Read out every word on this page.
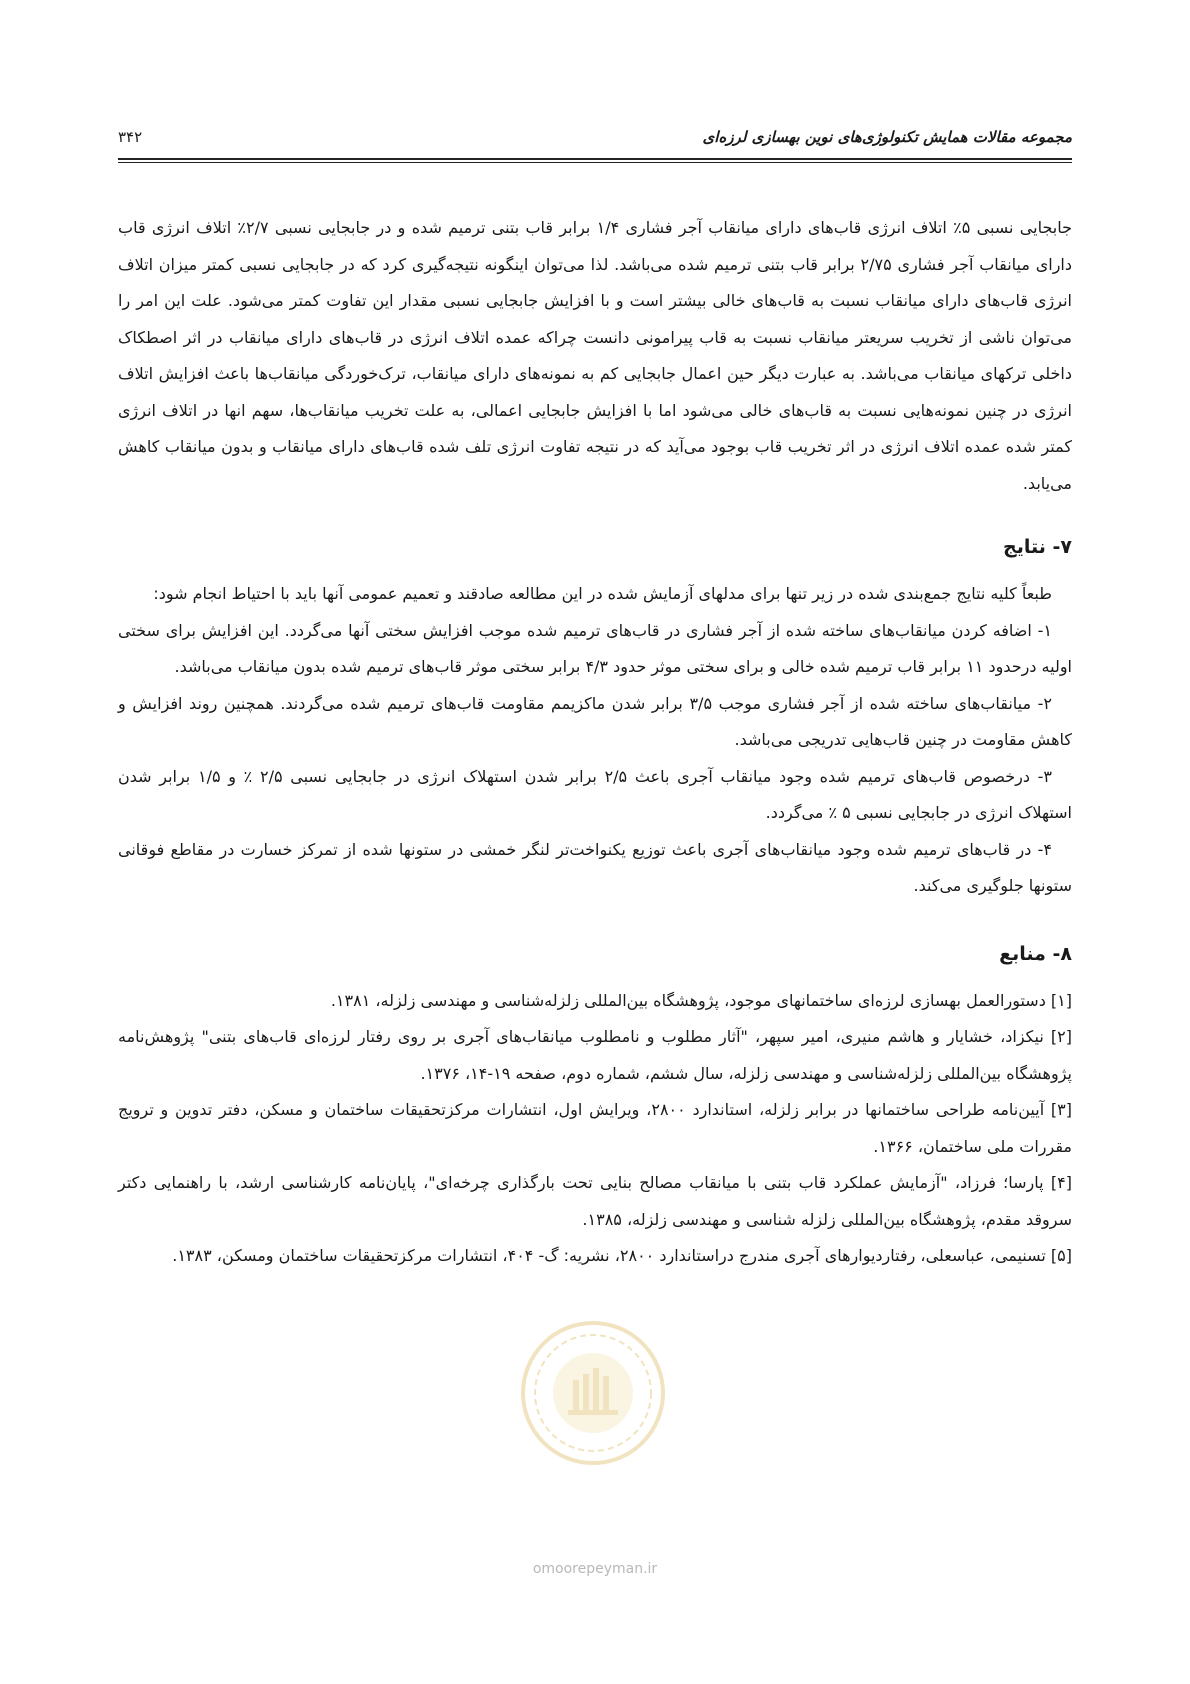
مجموعه مقالات همایش تکنولوژی‌های نوین بهسازی لرزه‌ای
۳۴۲

جابجایی نسبی ۵٪ اتلاف انرژی قاب‌های دارای میانقاب آجر فشاری ۱/۴ برابر قاب بتنی ترمیم شده و در جابجایی نسبی ۲/۷٪ اتلاف انرژی قاب دارای میانقاب آجر فشاری ۲/۷۵ برابر قاب بتنی ترمیم شده می‌باشد. لذا می‌توان اینگونه نتیجه‌گیری کرد که در جابجایی نسبی کمتر میزان اتلاف انرژی قاب‌های دارای میانقاب نسبت به قاب‌های خالی بیشتر است و با افزایش جابجایی نسبی مقدار این تفاوت کمتر می‌شود. علت این امر را می‌توان ناشی از تخریب سریعتر میانقاب نسبت به قاب پیرامونی دانست چراکه عمده اتلاف انرژی در قاب‌های دارای میانقاب در اثر اصطکاک داخلی ترکهای میانقاب می‌باشد. به عبارت دیگر حین اعمال جابجایی کم به نمونه‌های دارای میانقاب، ترک‌خوردگی میانقاب‌ها باعث افزایش اتلاف انرژی در چنین نمونه‌هایی نسبت به قاب‌های خالی می‌شود اما با افزایش جابجایی اعمالی، به علت تخریب میانقاب‌ها، سهم انها در اتلاف انرژی کمتر شده عمده اتلاف انرژی در اثر تخریب قاب بوجود می‌آید که در نتیجه تفاوت انرژی تلف شده قاب‌های دارای میانقاب و بدون میانقاب کاهش می‌یابد.

۷- نتایج

طبعاً کلیه نتایج جمع‌بندی شده در زیر تنها برای مدلهای آزمایش شده در این مطالعه صادقند و تعمیم عمومی آنها باید با احتیاط انجام شود:

۱- اضافه کردن میانقاب‌های ساخته شده از آجر فشاری در قاب‌های ترمیم شده موجب افزایش سختی آنها می‌گردد. این افزایش برای سختی اولیه درحدود ۱۱ برابر قاب ترمیم شده خالی و برای سختی موثر حدود ۴/۳ برابر سختی موثر قاب‌های ترمیم شده بدون میانقاب می‌باشد.

۲- میانقاب‌های ساخته شده از آجر فشاری موجب ۳/۵ برابر شدن ماکزیمم مقاومت قاب‌های ترمیم شده می‌گردند. همچنین روند افزایش و کاهش مقاومت در چنین قاب‌هایی تدریجی می‌باشد.

۳- درخصوص قاب‌های ترمیم شده وجود میانقاب آجری باعث ۲/۵ برابر شدن استهلاک انرژی در جابجایی نسبی ۲/۵ ٪ و ۱/۵ برابر شدن استهلاک انرژی در جابجایی نسبی ۵ ٪ می‌گردد.

۴- در قاب‌های ترمیم شده وجود میانقاب‌های آجری باعث توزیع یکنواخت‌تر لنگر خمشی در ستونها شده از تمرکز خسارت در مقاطع فوقانی ستونها جلوگیری می‌کند.

۸- منابع

[۱] دستورالعمل بهسازی لرزه‌ای ساختمانهای موجود، پژوهشگاه بین‌المللی زلزله‌شناسی و مهندسی زلزله، ۱۳۸۱.

[۲] نیکزاد، خشایار و هاشم منیری، امیر سپهر، "آثار مطلوب و نامطلوب میانقاب‌های آجری بر روی رفتار لرزه‌ای قاب‌های بتنی" پژوهش‌نامه پژوهشگاه بین‌المللی زلزله‌شناسی و مهندسی زلزله، سال ششم، شماره دوم، صفحه ۱۹-۱۴، ۱۳۷۶.

[۳] آیین‌نامه طراحی ساختمانها در برابر زلزله، استاندارد ۲۸۰۰، ویرایش اول، انتشارات مرکزتحقیقات ساختمان و مسکن، دفتر تدوین و ترویج مقررات ملی ساختمان، ۱۳۶۶.

[۴] پارسا؛ فرزاد، "آزمایش عملکرد قاب بتنی با میانقاب مصالح بنایی تحت بارگذاری چرخه‌ای"، پایان‌نامه کارشناسی ارشد، با راهنمایی دکتر سروقد مقدم، پژوهشگاه بین‌المللی زلزله شناسی و مهندسی زلزله، ۱۳۸۵.

[۵] تسنیمی، عباسعلی، رفتاردیوارهای آجری مندرج دراستاندارد ۲۸۰۰، نشریه: گ- ۴۰۴، انتشارات مرکزتحقیقات ساختمان ومسکن، ۱۳۸۳.

omoorepeyman.ir
